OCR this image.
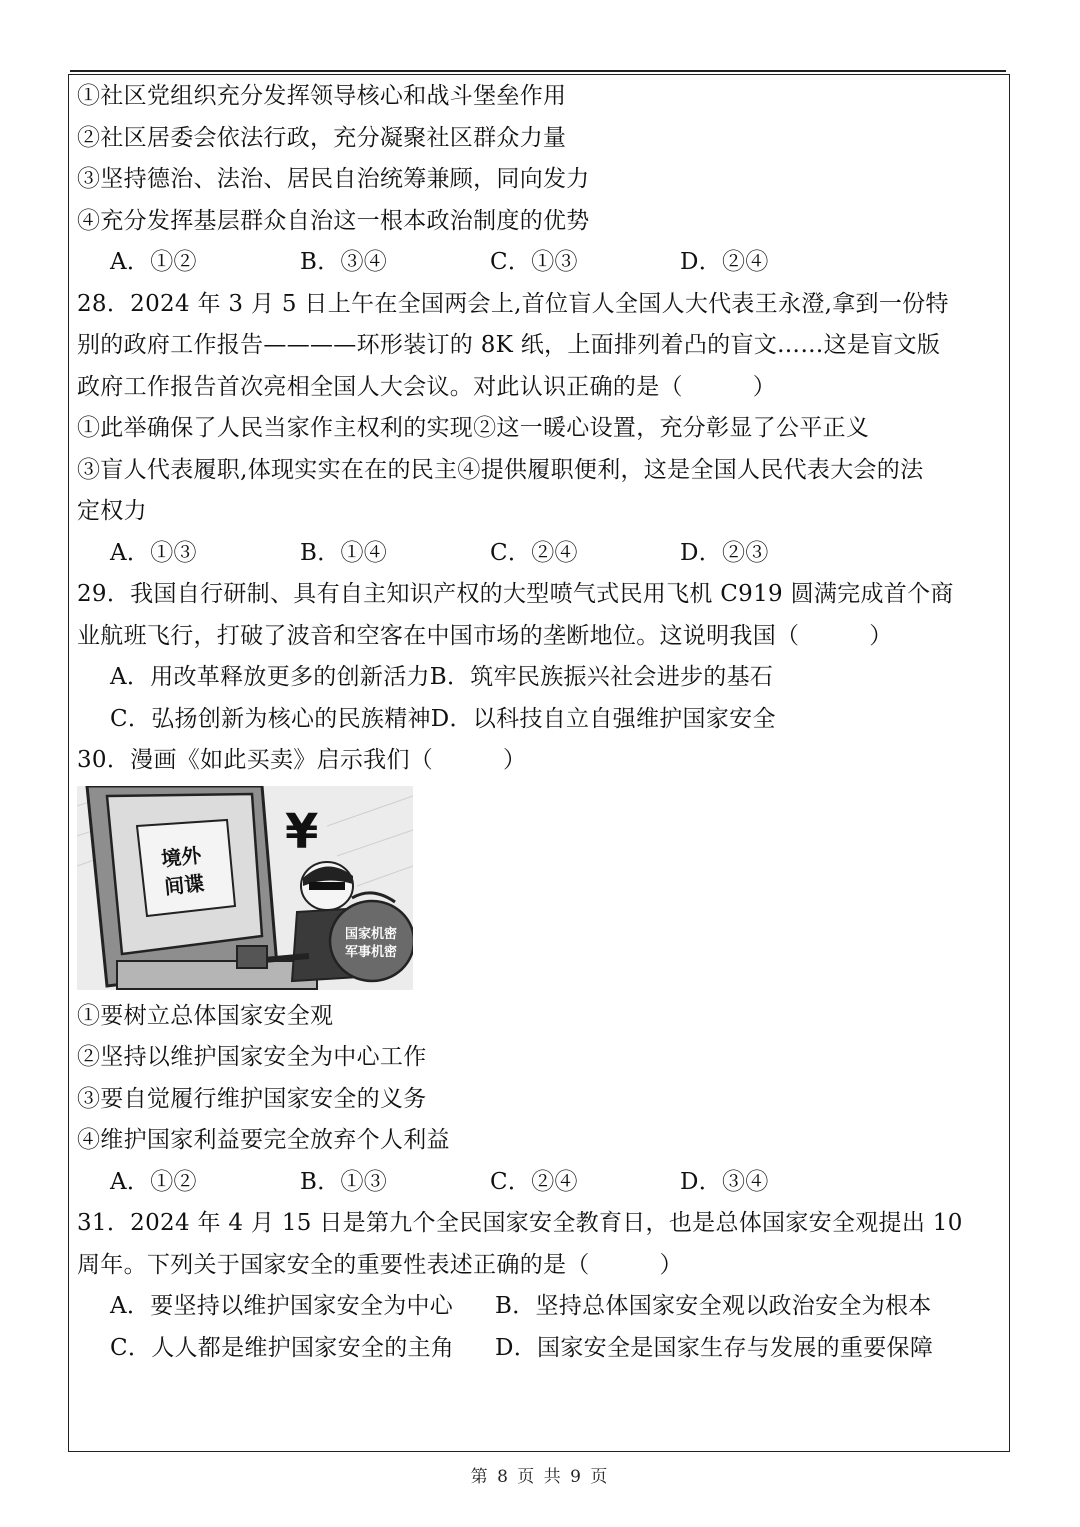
①社区党组织充分发挥领导核心和战斗堡垒作用
②社区居委会依法行政，充分凝聚社区群众力量
③坚持德治、法治、居民自治统筹兼顾，同向发力
④充分发挥基层群众自治这一根本政治制度的优势
A．①②	B．③④	C．①③	D．②④
28．2024 年 3 月 5 日上午在全国两会上,首位盲人全国人大代表王永澄,拿到一份特
别的政府工作报告————环形装订的 8K 纸，上面排列着凸的盲文……这是盲文版
政府工作报告首次亮相全国人大会议。对此认识正确的是（　　　）
①此举确保了人民当家作主权利的实现②这一暖心设置，充分彰显了公平正义
③盲人代表履职,体现实实在在的民主④提供履职便利，这是全国人民代表大会的法
定权力
A．①③	B．①④	C．②④	D．②③
29．我国自行研制、具有自主知识产权的大型喷气式民用飞机 C919 圆满完成首个商
业航班飞行，打破了波音和空客在中国市场的垄断地位。这说明我国（　　　）
A．用改革释放更多的创新活力B．筑牢民族振兴社会进步的基石
C．弘扬创新为核心的民族精神D．以科技自立自强维护国家安全
30．漫画《如此买卖》启示我们（　　　）
境外
间谍
¥
国家机密
军事机密
①要树立总体国家安全观
②坚持以维护国家安全为中心工作
③要自觉履行维护国家安全的义务
④维护国家利益要完全放弃个人利益
A．①②	B．①③	C．②④	D．③④
31．2024 年 4 月 15 日是第九个全民国家安全教育日，也是总体国家安全观提出 10
周年。下列关于国家安全的重要性表述正确的是（　　　）
A．要坚持以维护国家安全为中心	B．坚持总体国家安全观以政治安全为根本
C．人人都是维护国家安全的主角	D．国家安全是国家生存与发展的重要保障
第 8 页 共 9 页
